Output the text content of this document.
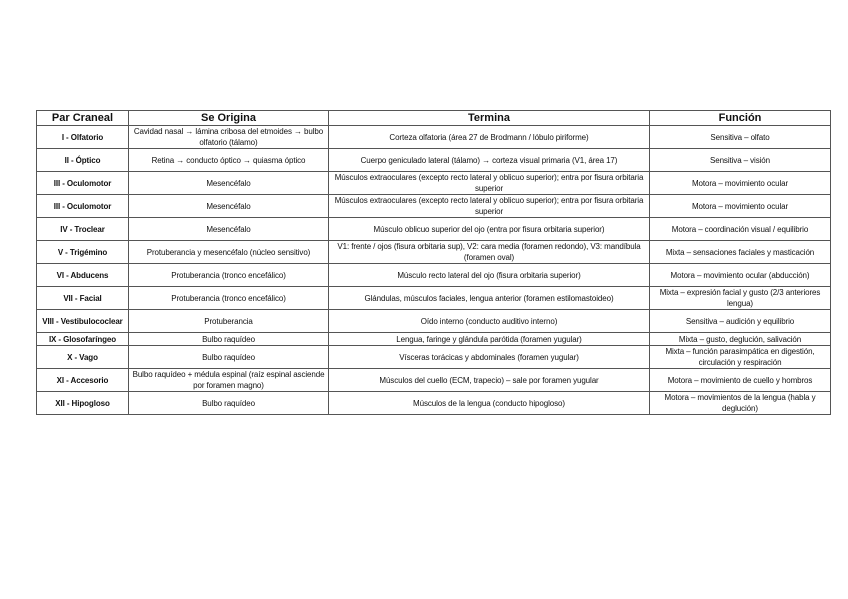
Par Craneal	Se Origina	Termina	Función
I - Olfatorio	Cavidad nasal → lámina cribosa del etmoides → bulbo olfatorio (tálamo)	Corteza olfatoria (área 27 de Brodmann / lóbulo piriforme)	Sensitiva – olfato
II - Óptico	Retina → conducto óptico → quiasma óptico	Cuerpo geniculado lateral (tálamo) → corteza visual primaria (V1, área 17)	Sensitiva – visión
III - Oculomotor	Mesencéfalo	Músculos extraoculares (excepto recto lateral y oblicuo superior); entra por fisura orbitaria superior	Motora – movimiento ocular
III - Oculomotor	Mesencéfalo	Músculos extraoculares (excepto recto lateral y oblicuo superior); entra por fisura orbitaria superior	Motora – movimiento ocular
IV - Troclear	Mesencéfalo	Músculo oblicuo superior del ojo (entra por fisura orbitaria superior)	Motora – coordinación visual / equilibrio
V - Trigémino	Protuberancia y mesencéfalo (núcleo sensitivo)	V1: frente / ojos (fisura orbitaria sup), V2: cara media (foramen redondo), V3: mandíbula (foramen oval)	Mixta – sensaciones faciales y masticación
VI - Abducens	Protuberancia (tronco encefálico)	Músculo recto lateral del ojo (fisura orbitaria superior)	Motora – movimiento ocular (abducción)
VII - Facial	Protuberancia (tronco encefálico)	Glándulas, músculos faciales, lengua anterior (foramen estilomastoideo)	Mixta – expresión facial y gusto (2/3 anteriores lengua)
VIII - Vestibulococlear	Protuberancia	Oído interno (conducto auditivo interno)	Sensitiva – audición y equilibrio
IX - Glosofaríngeo	Bulbo raquídeo	Lengua, faringe y glándula parótida (foramen yugular)	Mixta – gusto, deglución, salivación
X - Vago	Bulbo raquídeo	Vísceras torácicas y abdominales (foramen yugular)	Mixta – función parasimpática en digestión, circulación y respiración
XI - Accesorio	Bulbo raquídeo + médula espinal (raíz espinal asciende por foramen magno)	Músculos del cuello (ECM, trapecio) – sale por foramen yugular	Motora – movimiento de cuello y hombros
XII - Hipogloso	Bulbo raquídeo	Músculos de la lengua (conducto hipogloso)	Motora – movimientos de la lengua (habla y deglución)
